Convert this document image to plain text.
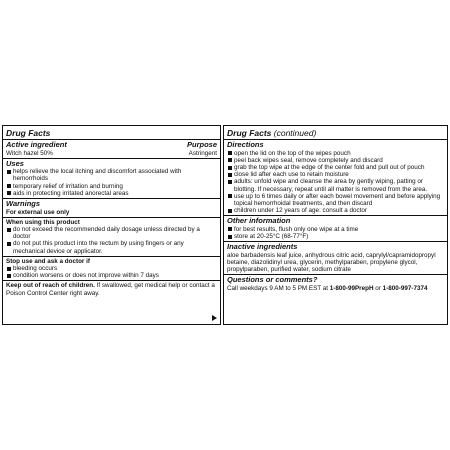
Drug Facts
Active ingredient	Purpose
Witch hazel 50%	Astringent
Uses
helps relieve the local itching and discomfort associated with hemorrhoids
temporary relief of irritation and burning
aids in protecting irritated anorectal areas
Warnings
For external use only
When using this product
do not exceed the recommended daily dosage unless directed by a doctor
do not put this product into the rectum by using fingers or any mechanical device or applicator.
Stop use and ask a doctor if
bleeding occurs
condition worsens or does not improve within 7 days
Keep out of reach of children. If swallowed, get medical help or contact a Poison Control Center right away.
Drug Facts (continued)
Directions
open the lid on the top of the wipes pouch
peel back wipes seal, remove completely and discard
grab the top wipe at the edge of the center fold and pull out of pouch
close lid after each use to retain moisture
adults: unfold wipe and cleanse the area by gently wiping, patting or blotting. If necessary, repeat until all matter is removed from the area.
use up to 6 times daily or after each bowel movement and before applying topical hemorrhoidal treatments, and then discard
children under 12 years of age: consult a doctor
Other information
for best results, flush only one wipe at a time
store at 20-25°C (68-77°F)
Inactive ingredients
aloe barbadensis leaf juice, anhydrous citric acid, caprylyl/capramidopropyl betaine, diazolidinyl urea, glycerin, methylparaben, propylene glycol, propylparaben, purified water, sodium citrate
Questions or comments?
Call weekdays 9 AM to 5 PM EST at 1-800-99PrepH or 1-800-997-7374
